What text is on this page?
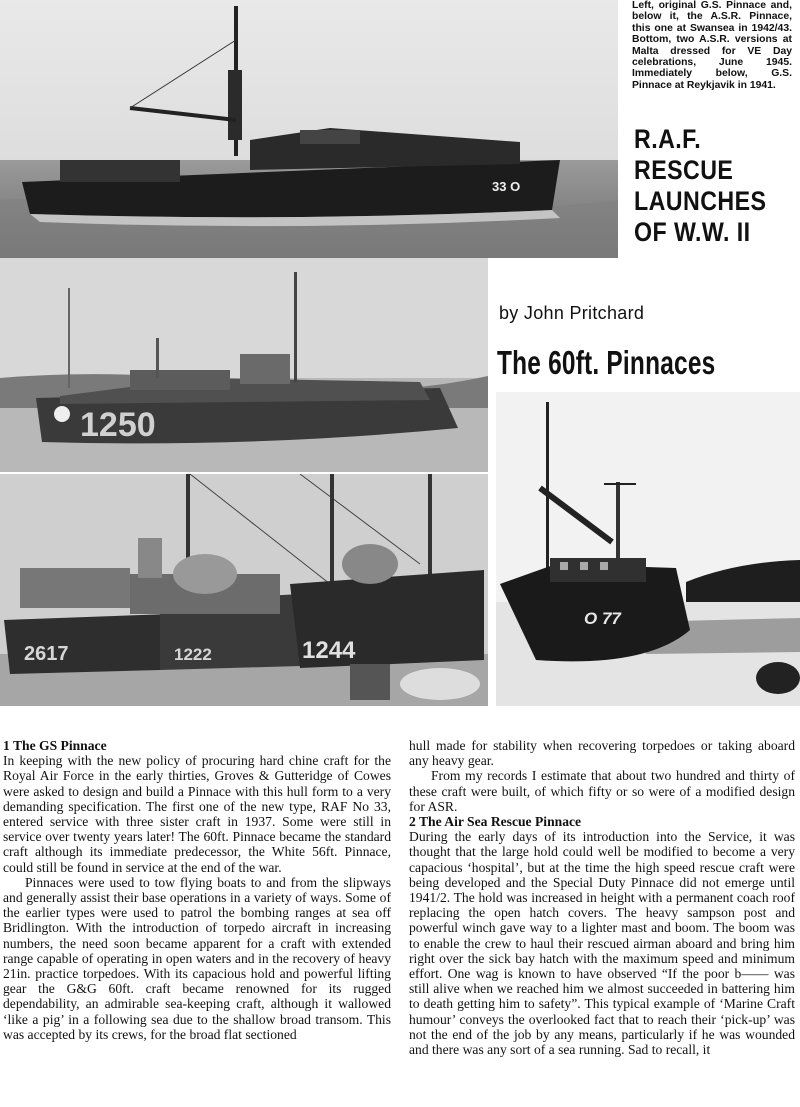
33 O
1250
2617	1222	1244
O 77
Left, original G.S. Pinnace and, below it, the A.S.R. Pinnace, this one at Swansea in 1942/43. Bottom, two A.S.R. versions at Malta dressed for VE Day celebrations, June 1945. Immediately below, G.S. Pinnace at Reykjavik in 1941.
R.A.F.
RESCUE
LAUNCHES
OF W.W. II
by John Pritchard
The 60ft. Pinnaces
1 The GS Pinnace

In keeping with the new policy of procuring hard chine craft for the Royal Air Force in the early thirties, Groves & Gutteridge of Cowes were asked to design and build a Pinnace with this hull form to a very demanding specification. The first one of the new type, RAF No 33, entered service with three sister craft in 1937. Some were still in service over twenty years later! The 60ft. Pinnace became the standard craft although its immediate predecessor, the White 56ft. Pinnace, could still be found in service at the end of the war.

Pinnaces were used to tow flying boats to and from the slipways and generally assist their base operations in a variety of ways. Some of the earlier types were used to patrol the bombing ranges at sea off Bridlington. With the introduction of torpedo aircraft in increasing numbers, the need soon became apparent for a craft with extended range capable of operating in open waters and in the recovery of heavy 21in. practice torpedoes. With its capacious hold and powerful lifting gear the G&G 60ft. craft became renowned for its rugged dependability, an admirable sea-keeping craft, although it wallowed ‘like a pig’ in a following sea due to the shallow broad transom. This was accepted by its crews, for the broad flat sectioned

hull made for stability when recovering torpedoes or taking aboard any heavy gear.

From my records I estimate that about two hundred and thirty of these craft were built, of which fifty or so were of a modified design for ASR.

2 The Air Sea Rescue Pinnace

During the early days of its introduction into the Service, it was thought that the large hold could well be modified to become a very capacious ‘hospital’, but at the time the high speed rescue craft were being developed and the Special Duty Pinnace did not emerge until 1941/2. The hold was increased in height with a permanent coach roof replacing the open hatch covers. The heavy sampson post and powerful winch gave way to a lighter mast and boom. The boom was to enable the crew to haul their rescued airman aboard and bring him right over the sick bay hatch with the maximum speed and minimum effort. One wag is known to have observed “If the poor b—— was still alive when we reached him we almost succeeded in battering him to death getting him to safety”. This typical example of ‘Marine Craft humour’ conveys the overlooked fact that to reach their ‘pick-up’ was not the end of the job by any means, particularly if he was wounded and there was any sort of a sea running. Sad to recall, it
